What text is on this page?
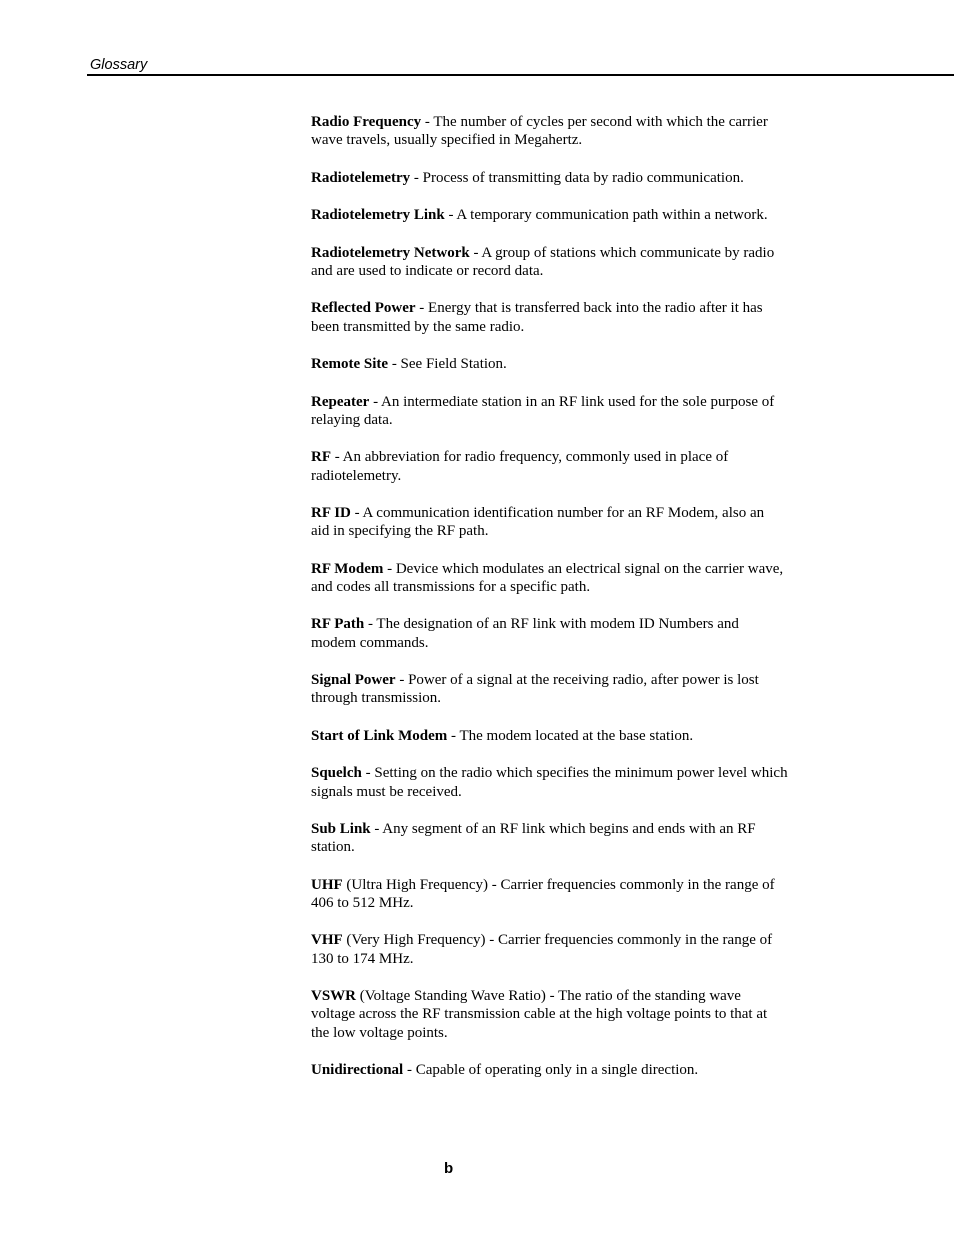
Glossary
Radio Frequency - The number of cycles per second with which the carrier
wave travels, usually specified in Megahertz.
Radiotelemetry - Process of transmitting data by radio communication.
Radiotelemetry Link - A temporary communication path within a network.
Radiotelemetry Network - A group of stations which communicate by radio
and are used to indicate or record data.
Reflected Power - Energy that is transferred back into the radio after it has
been transmitted by the same radio.
Remote Site - See Field Station.
Repeater - An intermediate station in an RF link used for the sole purpose of
relaying data.
RF - An abbreviation for radio frequency, commonly used in place of
radiotelemetry.
RF ID - A communication identification number for an RF Modem, also an
aid in specifying the RF path.
RF Modem - Device which modulates an electrical signal on the carrier wave,
and codes all transmissions for a specific path.
RF Path - The designation of an RF link with modem ID Numbers and
modem commands.
Signal Power - Power of a signal at the receiving radio, after power is lost
through transmission.
Start of Link Modem - The modem located at the base station.
Squelch - Setting on the radio which specifies the minimum power level which
signals must be received.
Sub Link - Any segment of an RF link which begins and ends with an RF
station.
UHF (Ultra High Frequency) - Carrier frequencies commonly in the range of
406 to 512 MHz.
VHF (Very High Frequency) - Carrier frequencies commonly in the range of
130 to 174 MHz.
VSWR (Voltage Standing Wave Ratio) - The ratio of the standing wave
voltage across the RF transmission cable at the high voltage points to that at
the low voltage points.
Unidirectional - Capable of operating only in a single direction.
b
